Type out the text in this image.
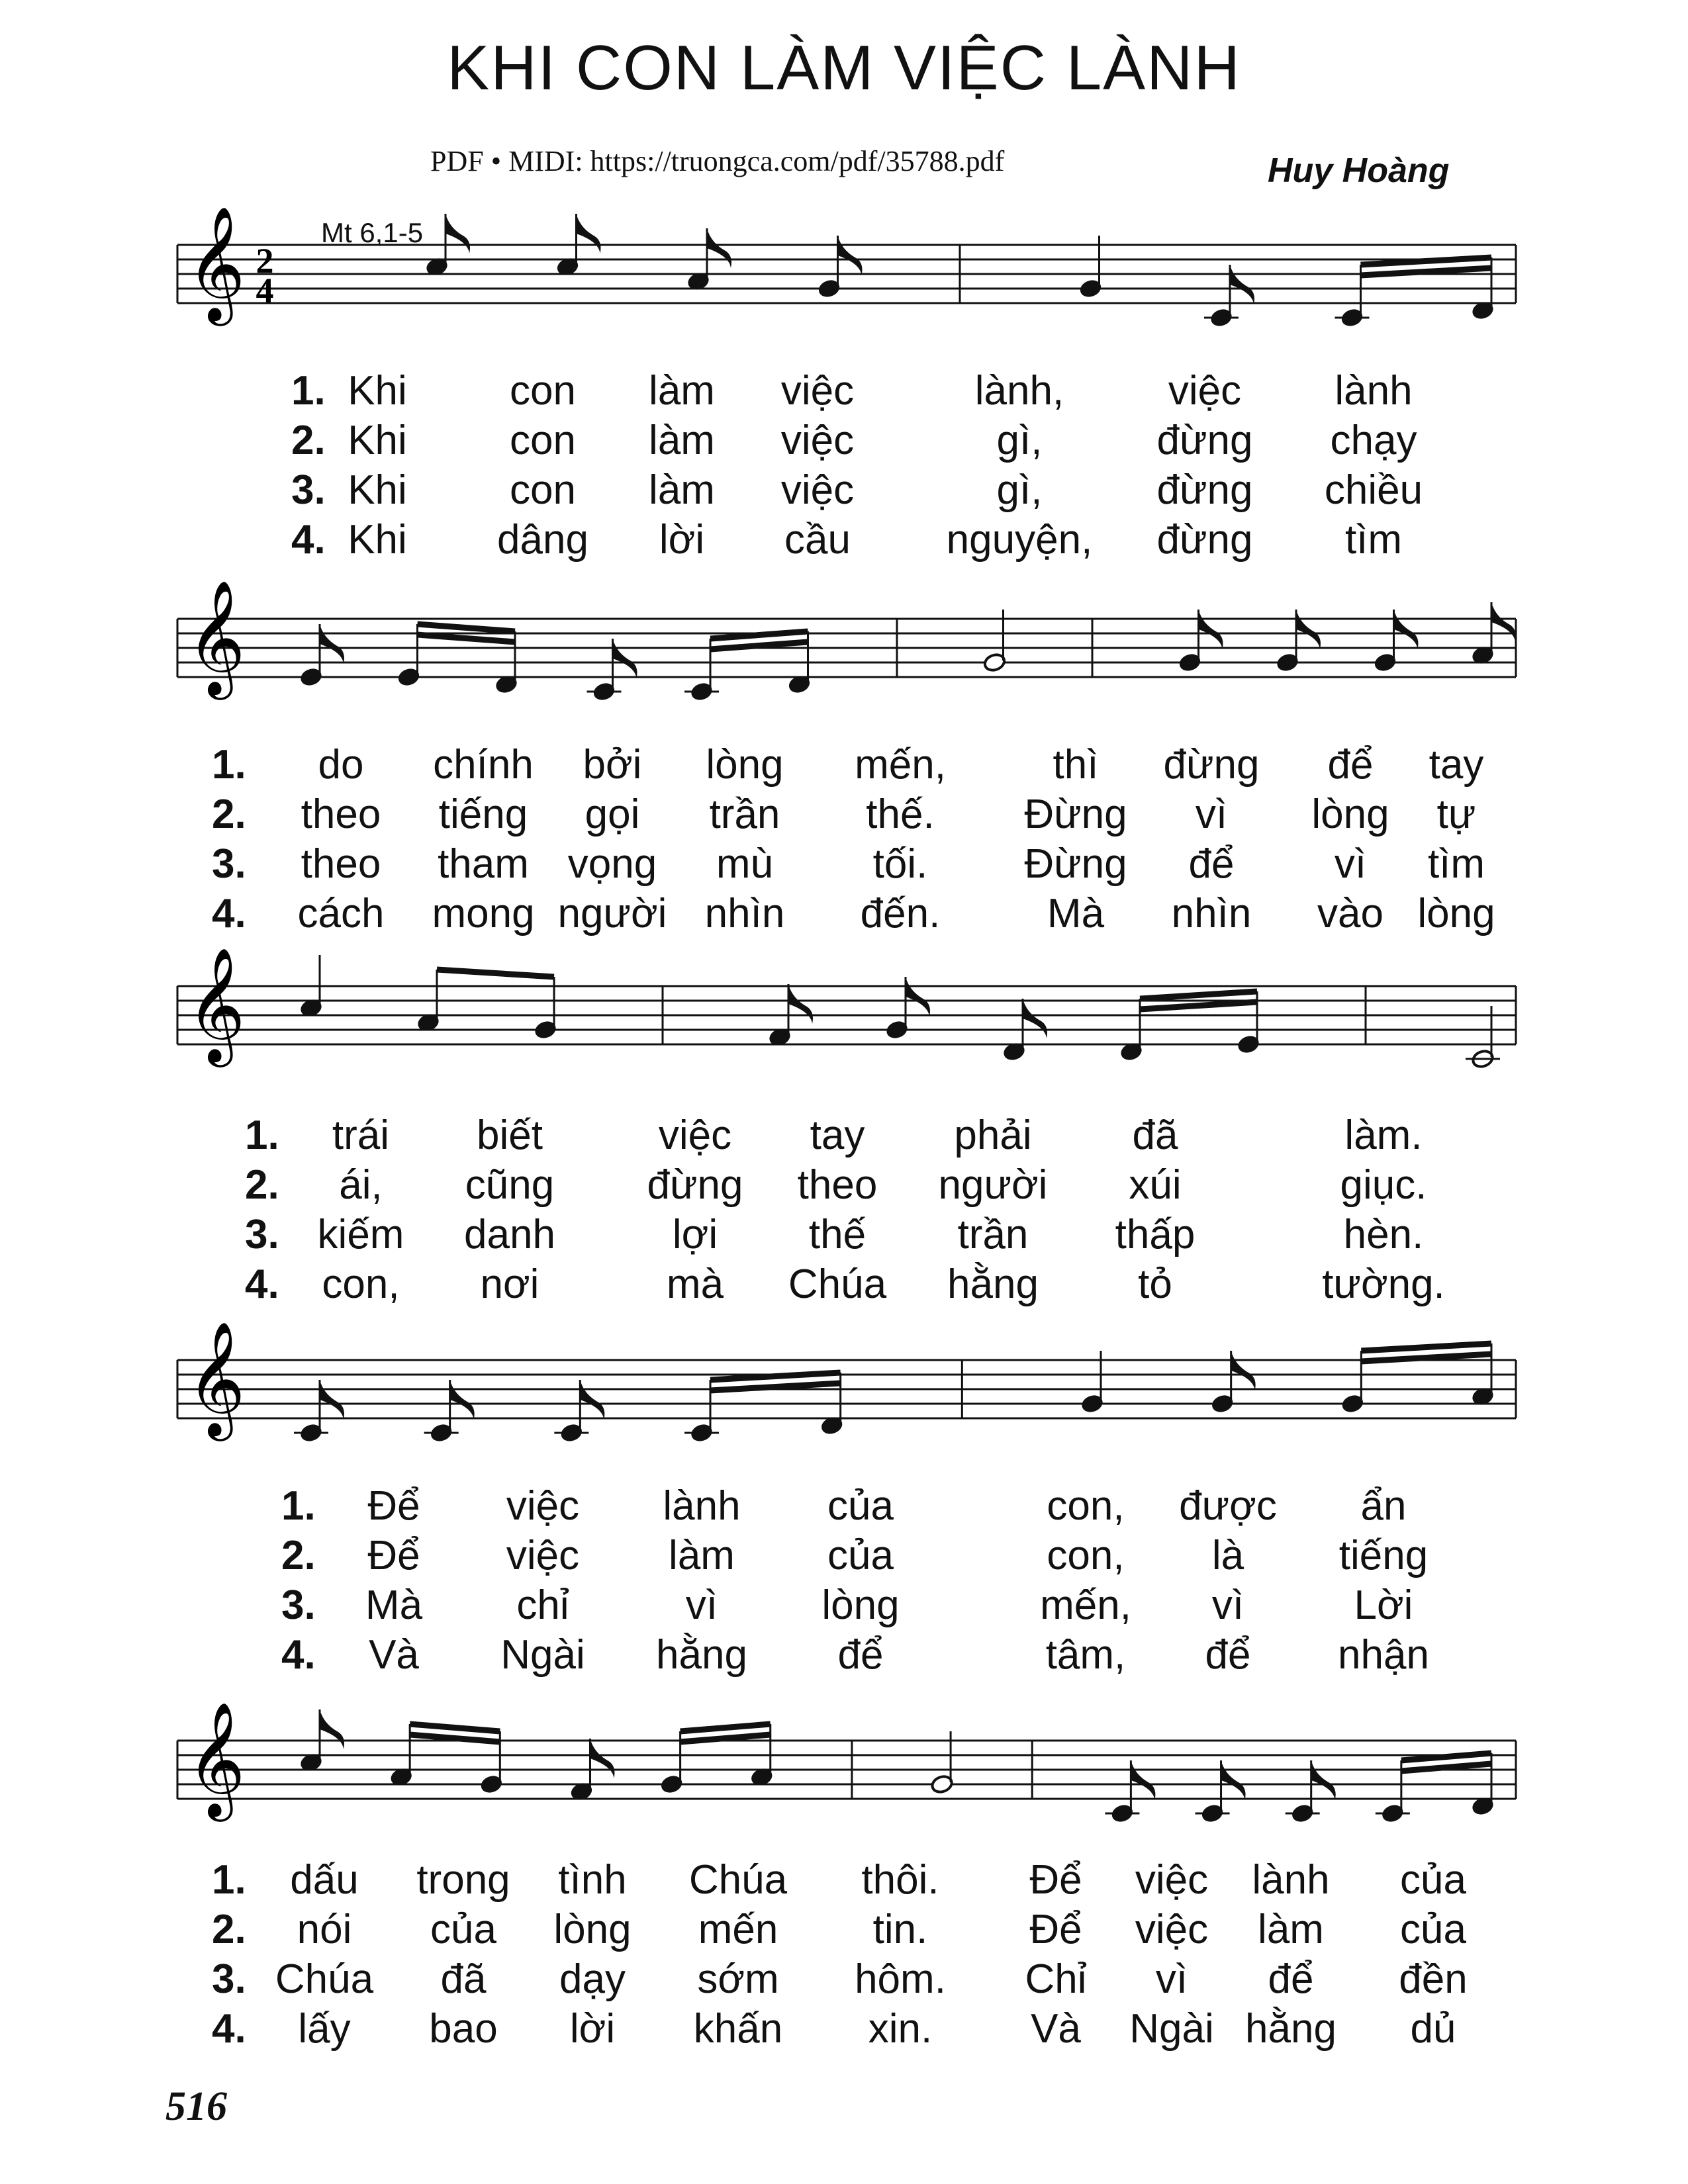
KHI CON LÀM VIỆC LÀNH
PDF • MIDI: https://truongca.com/pdf/35788.pdf	Huy Hoàng
Mt 6,1-5
516
𝄞 2
4
1. Khi	con làm việc	lành,	việc lành
2. Khi	con làm việc	gì,	đừng chạy
3. Khi	con làm việc	gì,	đừng chiều
4. Khi dâng lời cầu nguyện, đừng tìm
𝄞
1. do chính bởi lòng mến,	thì đừng để tay
2. theo tiếng gọi trần thế. Đừng vì lòng tự
3. theo tham vọng mù tối. Đừng để vì tìm
4. cách mong người nhìn đến.	Mà nhìn vào lòng
𝄞
1. trái biết	việc tay phải đã	làm.
2. ái, cũng đừng theo người xúi	giục.
3. kiếm danh	lợi thế trần thấp	hèn.
4. con, nơi	mà Chúa hằng tỏ	tường.
𝄞
1. Để việc lành của	con, được ẩn
2. Để việc làm của	con, là tiếng
3. Mà chỉ	vì	lòng	mến, vì	Lời
4. Và Ngài hằng để	tâm, để nhận
𝄞
1. dấu trong tình Chúa thôi. Để việc lành của
2. nói của lòng mến tin. Để việc làm của
3. Chúa đã dạy sớm hôm. Chỉ vì để đền
4. lấy bao lời khấn xin. Và Ngài hằng dủ
